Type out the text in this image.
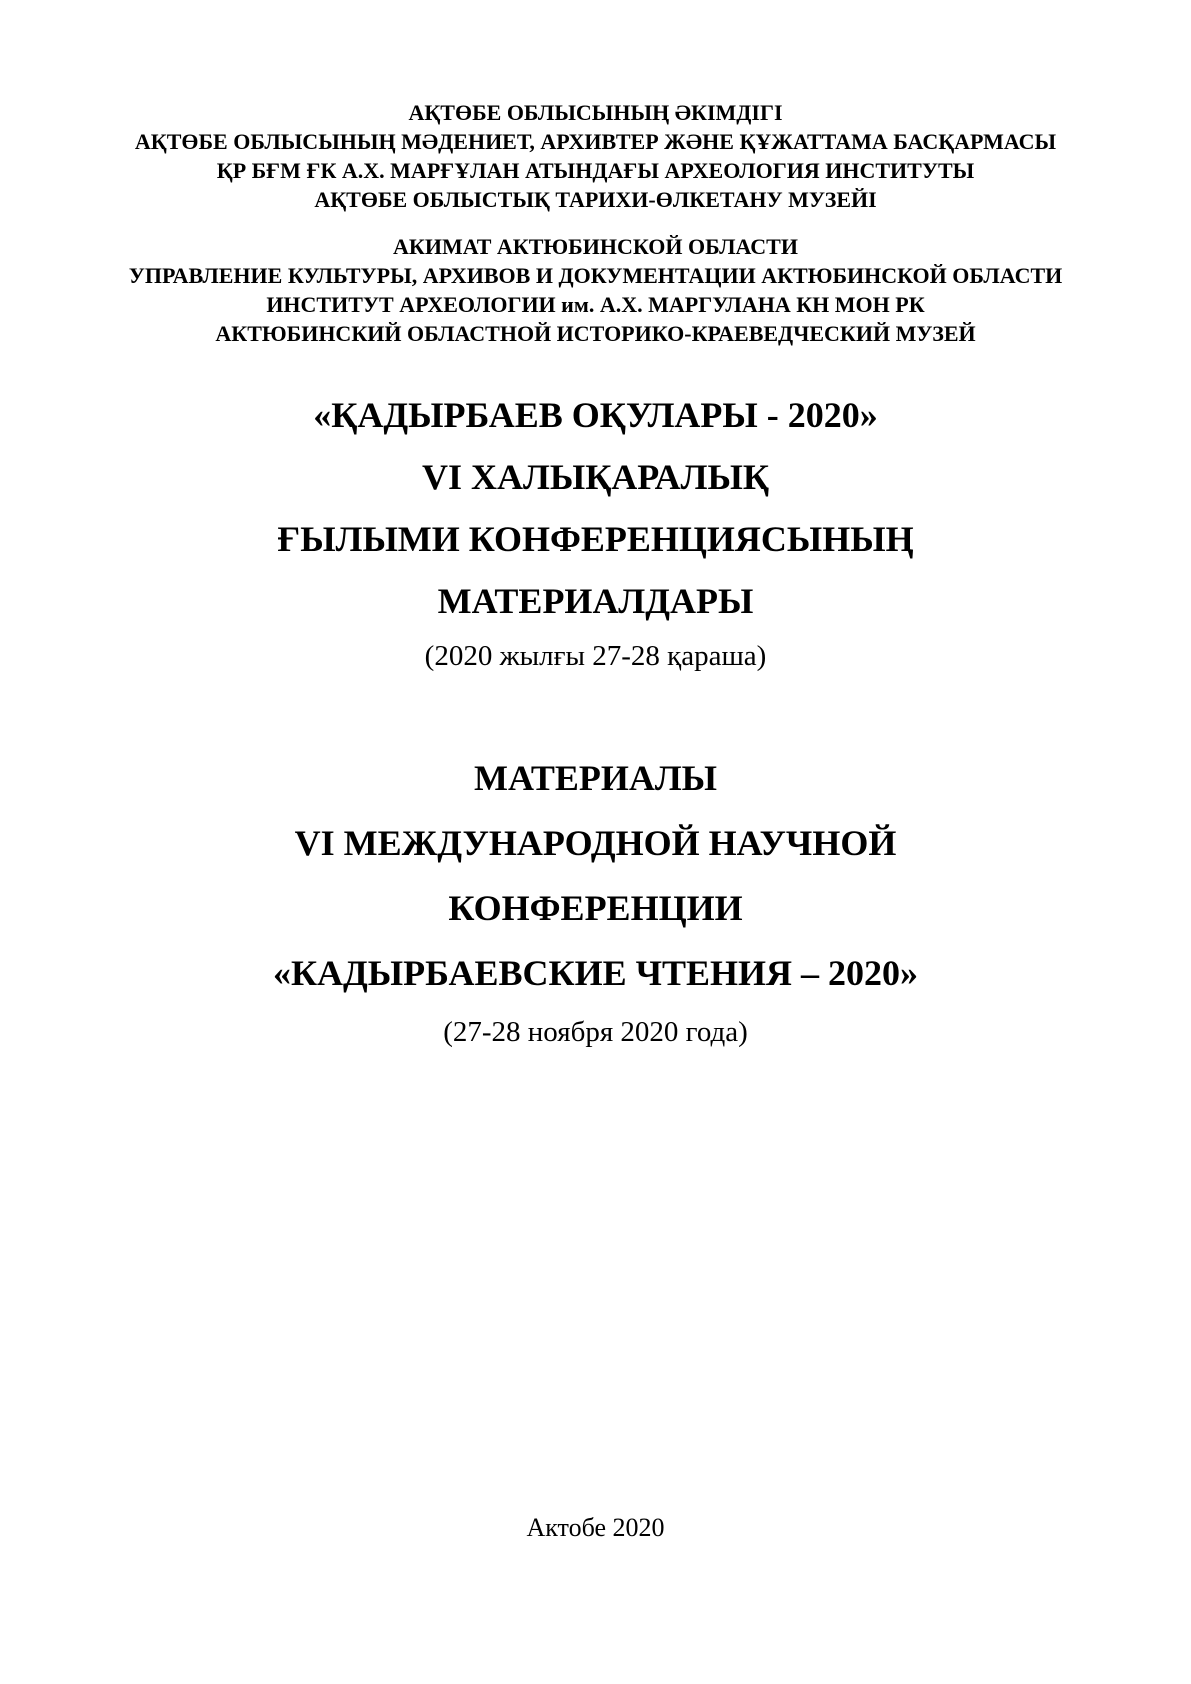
АҚТӨБЕ ОБЛЫСЫНЫҢ ӘКІМДІГІ
АҚТӨБЕ ОБЛЫСЫНЫҢ МӘДЕНИЕТ, АРХИВТЕР ЖӘНЕ ҚҰЖАТТАМА БАСҚАРМАСЫ
ҚР БҒМ ҒК А.Х. МАРҒҰЛАН АТЫНДАҒЫ АРХЕОЛОГИЯ ИНСТИТУТЫ
АҚТӨБЕ ОБЛЫСТЫҚ ТАРИХИ-ӨЛКЕТАНУ МУЗЕЙІ
АКИМАТ АКТЮБИНСКОЙ ОБЛАСТИ
УПРАВЛЕНИЕ КУЛЬТУРЫ, АРХИВОВ И ДОКУМЕНТАЦИИ АКТЮБИНСКОЙ ОБЛАСТИ
ИНСТИТУТ АРХЕОЛОГИИ им. А.Х. МАРГУЛАНА КН МОН РК
АКТЮБИНСКИЙ ОБЛАСТНОЙ ИСТОРИКО-КРАЕВЕДЧЕСКИЙ МУЗЕЙ
«ҚАДЫРБАЕВ ОҚУЛАРЫ - 2020»
VI ХАЛЫҚАРАЛЫҚ
ҒЫЛЫМИ КОНФЕРЕНЦИЯСЫНЫҢ
МАТЕРИАЛДАРЫ
(2020 жылғы 27-28 қараша)
МАТЕРИАЛЫ
VI МЕЖДУНАРОДНОЙ НАУЧНОЙ
КОНФЕРЕНЦИИ
«КАДЫРБАЕВСКИЕ ЧТЕНИЯ – 2020»
(27-28 ноября 2020 года)
Актобе 2020
